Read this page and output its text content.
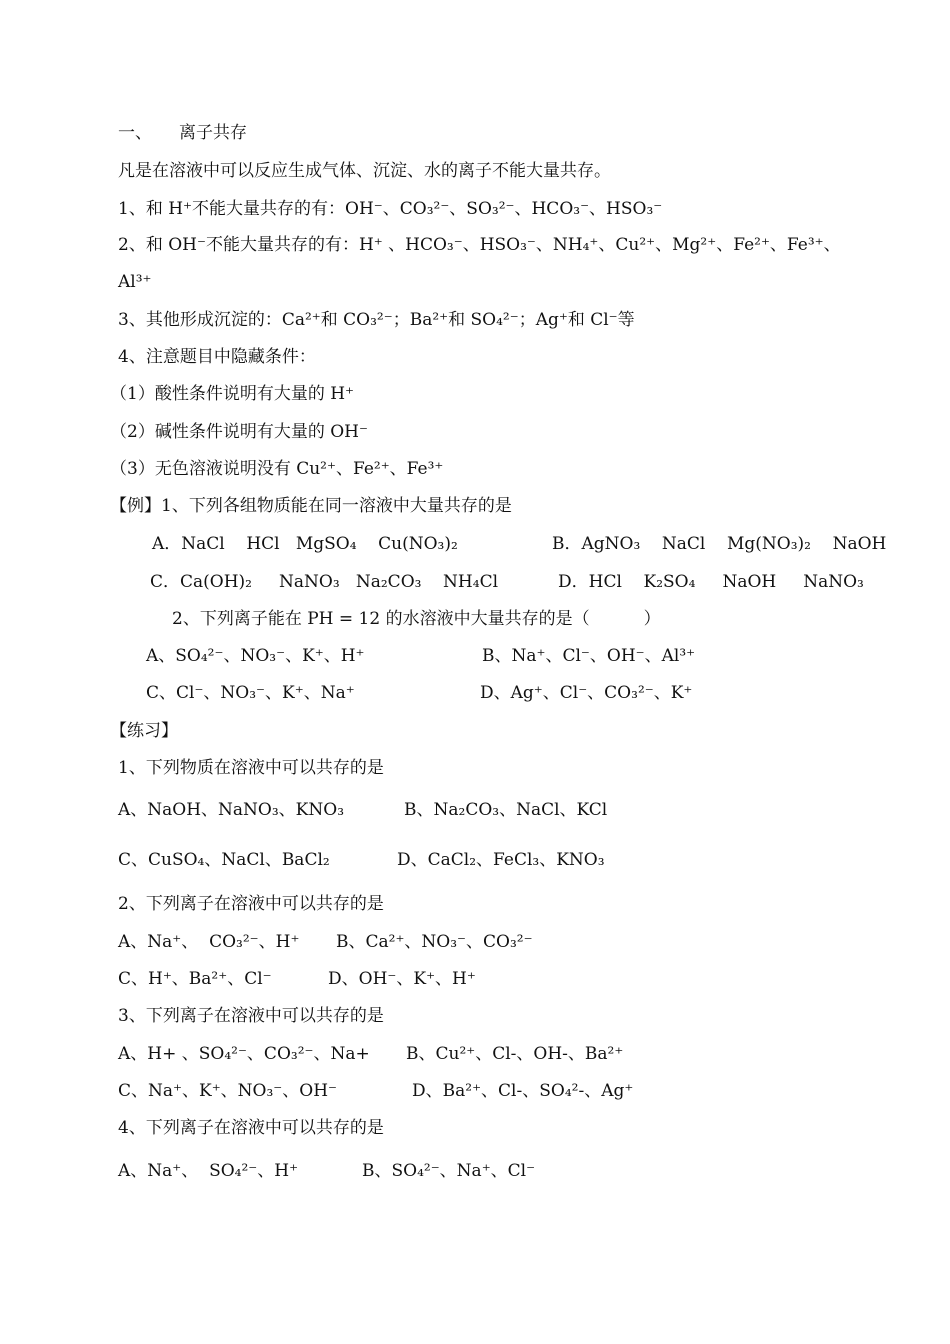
一、     离子共存
凡是在溶液中可以反应生成气体、沉淀、水的离子不能大量共存。
1、和 H⁺不能大量共存的有：OH⁻、CO₃²⁻、SO₃²⁻、HCO₃⁻、HSO₃⁻
2、和 OH⁻不能大量共存的有：H⁺ 、HCO₃⁻、HSO₃⁻、NH₄⁺、Cu²⁺、Mg²⁺、Fe²⁺、Fe³⁺、
Al³⁺
3、其他形成沉淀的：Ca²⁺和 CO₃²⁻；Ba²⁺和 SO₄²⁻；Ag⁺和 Cl⁻等
4、注意题目中隐藏条件：
（1）酸性条件说明有大量的 H⁺
（2）碱性条件说明有大量的 OH⁻
（3）无色溶液说明没有 Cu²⁺、Fe²⁺、Fe³⁺
【例】1、下列各组物质能在同一溶液中大量共存的是
A．NaCl    HCl   MgSO₄    Cu(NO₃)₂	B．AgNO₃    NaCl    Mg(NO₃)₂    NaOH
C．Ca(OH)₂     NaNO₃   Na₂CO₃    NH₄Cl	D．HCl    K₂SO₄     NaOH     NaNO₃
2、下列离子能在 PH = 12 的水溶液中大量共存的是（          ）
A、SO₄²⁻、NO₃⁻、K⁺、H⁺	B、Na⁺、Cl⁻、OH⁻、Al³⁺
C、Cl⁻、NO₃⁻、K⁺、Na⁺	D、Ag⁺、Cl⁻、CO₃²⁻、K⁺
【练习】
1、下列物质在溶液中可以共存的是
A、NaOH、NaNO₃、KNO₃	B、Na₂CO₃、NaCl、KCl
C、CuSO₄、NaCl、BaCl₂	D、CaCl₂、FeCl₃、KNO₃
2、下列离子在溶液中可以共存的是
A、Na⁺、  CO₃²⁻、H⁺ B、Ca²⁺、NO₃⁻、CO₃²⁻
C、H⁺、Ba²⁺、Cl⁻	D、OH⁻、K⁺、H⁺
3、下列离子在溶液中可以共存的是
A、H+ 、SO₄²⁻、CO₃²⁻、Na+ B、Cu²⁺、Cl-、OH-、Ba²⁺
C、Na⁺、K⁺、NO₃⁻、OH⁻	D、Ba²⁺、Cl-、SO₄²-、Ag⁺
4、下列离子在溶液中可以共存的是
A、Na⁺、  SO₄²⁻、H⁺	B、SO₄²⁻、Na⁺、Cl⁻
